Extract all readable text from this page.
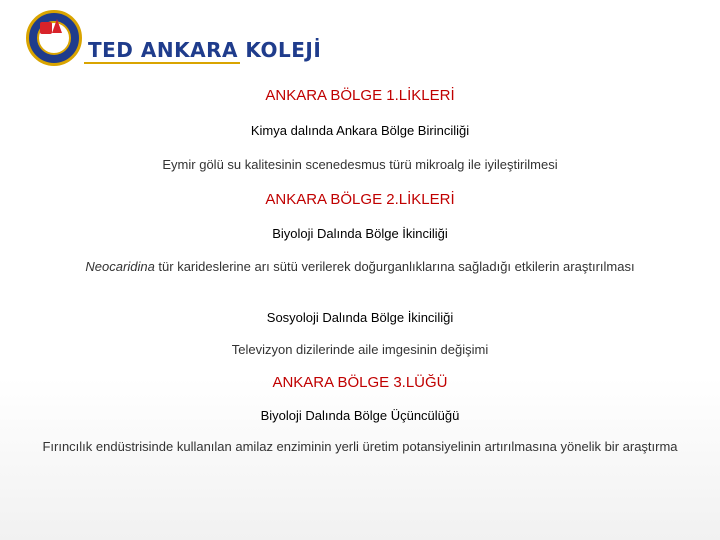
TED ANKARA KOLEJİ

ANKARA BÖLGE 1.LİKLERİ

Kimya dalında Ankara Bölge Birinciliği

Eymir gölü su kalitesinin scenedesmus türü mikroalg ile iyileştirilmesi

ANKARA BÖLGE 2.LİKLERİ

Biyoloji Dalında Bölge İkinciliği

Neocaridina tür karideslerine arı sütü verilerek doğurganlıklarına sağladığı etkilerin araştırılması

Sosyoloji Dalında Bölge İkinciliği

Televizyon dizilerinde aile imgesinin değişimi

ANKARA BÖLGE 3.LÜĞÜ

Biyoloji Dalında Bölge Üçüncülüğü

Fırıncılık endüstrisinde kullanılan amilaz enziminin yerli üretim potansiyelinin artırılmasına yönelik bir araştırma
